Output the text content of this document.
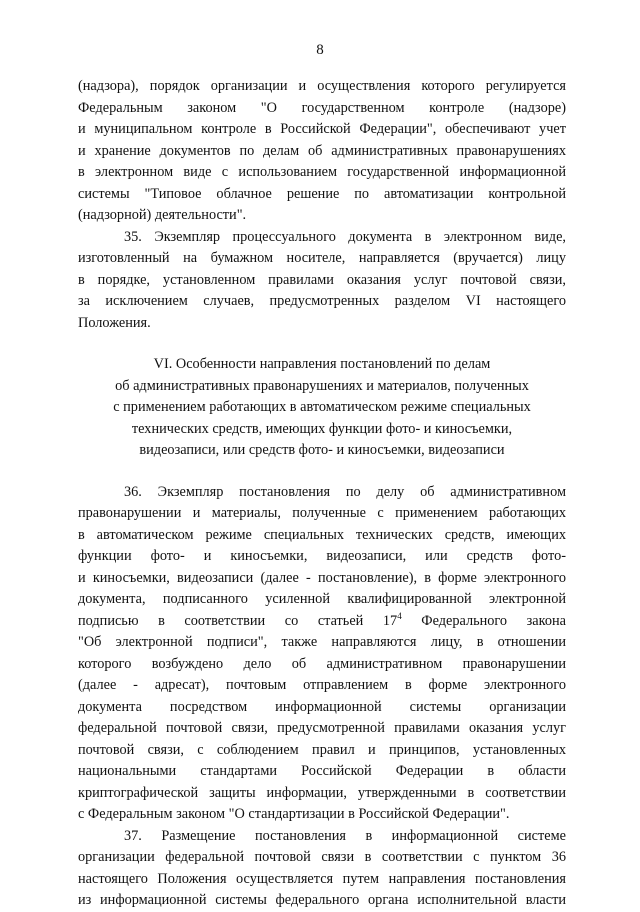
8
(надзора), порядок организации и осуществления которого регулируется
Федеральным законом "О государственном контроле (надзоре)
и муниципальном контроле в Российской Федерации", обеспечивают учет
и хранение документов по делам об административных правонарушениях
в электронном виде с использованием государственной информационной
системы "Типовое облачное решение по автоматизации контрольной
(надзорной) деятельности".
35. Экземпляр процессуального документа в электронном виде,
изготовленный на бумажном носителе, направляется (вручается) лицу
в порядке, установленном правилами оказания услуг почтовой связи,
за исключением случаев, предусмотренных разделом VI настоящего
Положения.
VI. Особенности направления постановлений по делам
об административных правонарушениях и материалов, полученных
с применением работающих в автоматическом режиме специальных
технических средств, имеющих функции фото- и киносъемки,
видеозаписи, или средств фото- и киносъемки, видеозаписи
36. Экземпляр постановления по делу об административном
правонарушении и материалы, полученные с применением работающих
в автоматическом режиме специальных технических средств, имеющих
функции фото- и киносъемки, видеозаписи, или средств фото-
и киносъемки, видеозаписи (далее - постановление), в форме электронного
документа, подписанного усиленной квалифицированной электронной
подписью в соответствии со статьей $17^4$ Федерального закона
"Об электронной подписи", также направляются лицу, в отношении
которого возбуждено дело об административном правонарушении
(далее - адресат), почтовым отправлением в форме электронного
документа посредством информационной системы организации
федеральной почтовой связи, предусмотренной правилами оказания услуг
почтовой связи, с соблюдением правил и принципов, установленных
национальными стандартами Российской Федерации в области
криптографической защиты информации, утвержденными в соответствии
с Федеральным законом "О стандартизации в Российской Федерации".
37. Размещение постановления в информационной системе
организации федеральной почтовой связи в соответствии с пунктом 36
настоящего Положения осуществляется путем направления постановления
из информационной системы федерального органа исполнительной власти
